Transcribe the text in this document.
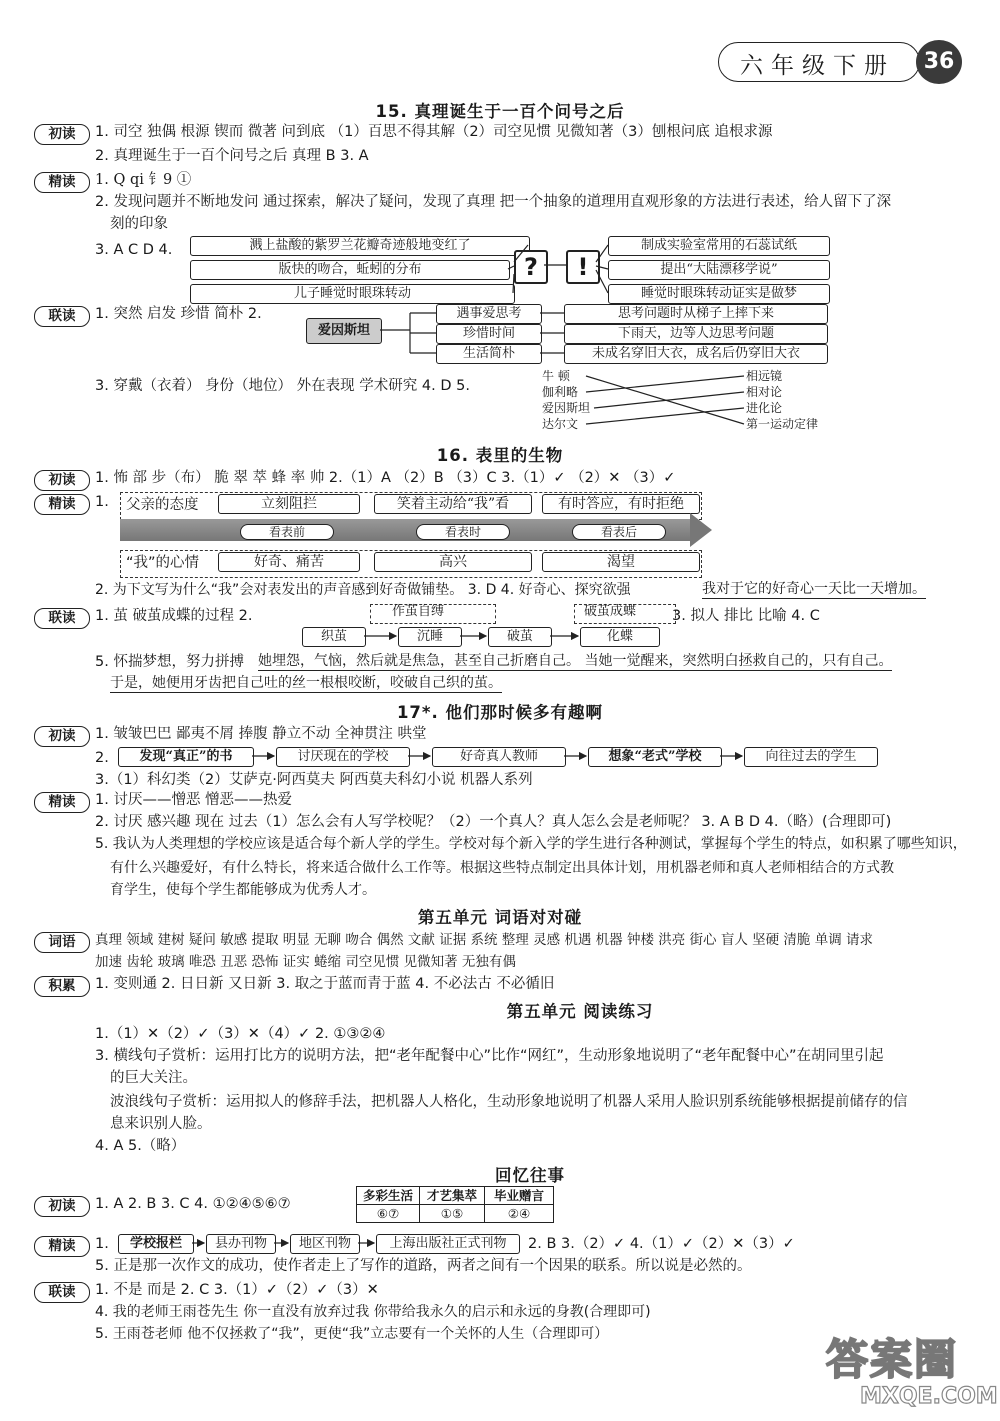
六年级下册	36
15. 真理诞生于一百个问号之后
初读	1. 司空 独偶 根源 锲而 微著 问到底 （1）百思不得其解（2）司空见惯 见微知著（3）刨根问底 追根求源
2. 真理诞生于一百个问号之后 真理 B 3. A
精读	1. Q qi 钅9 ①
2. 发现问题并不断地发问 通过探索，解决了疑问，发现了真理 把一个抽象的道理用直观形象的方法进行表述，给人留下了深
刻的印象
3. A C D 4.	溅上盐酸的紫罗兰花瓣奇迹般地变红了
版快的吻合，蚯蚓的分布
儿子睡觉时眼珠转动
?	!
制成实验室常用的石蕊试纸
提出“大陆漂移学说”
睡觉时眼珠转动证实是做梦
联读	1. 突然 启发 珍惜 简朴 2.
爱因斯坦
遇事爱思考
珍惜时间
生活简朴
思考问题时从梯子上摔下来
下雨天，边等人边思考问题
未成名穿旧大衣，成名后仍穿旧大衣
3. 穿戴（衣着） 身份（地位） 外在表现 学术研究 4. D 5.
牛 顿
伽利略
爱因斯坦
达尔文
相远镜
相对论
进化论
第一运动定律
16. 表里的生物
初读	1. 怖 部 步（布） 脆 翠 萃 蜂 率 帅 2.（1）A （2）B （3）C 3.（1）✓ （2）✕ （3）✓
精读	1. 父亲的态度	立刻阻拦	笑着主动给“我”看	有时答应，有时拒绝
看表前	看表时	看表后
“我”的心情	好奇、痛苦	高兴	渴望
2. 为下文写为什么“我”会对表发出的声音感到好奇做铺垫。 3. D 4. 好奇心、探究欲强	我对于它的好奇心一天比一天增加。
联读	1. 茧 破茧成蝶的过程 2.	作茧自缚	破茧成蝶
织茧	沉睡	破茧	化蝶
3. 拟人 排比 比喻 4. C
5. 怀揣梦想，努力拼搏 她埋怨，气恼，然后就是焦急，甚至自己折磨自己。 当她一觉醒来，突然明白拯救自己的，只有自己。
于是，她便用牙齿把自己吐的丝一根根咬断，咬破自己织的茧。
17*. 他们那时候多有趣啊
初读	1. 皱皱巴巴 鄙夷不屑 捧腹 静立不动 全神贯注 哄堂
2.	发现“真正”的书	讨厌现在的学校	好奇真人教师	想象“老式”学校	向往过去的学生
3.（1）科幻类（2）艾萨克·阿西莫夫 阿西莫夫科幻小说 机器人系列
精读	1. 讨厌——憎恶 憎恶——热爱
2. 讨厌 感兴趣 现在 过去（1）怎么会有人写学校呢？（2）一个真人？真人怎么会是老师呢？ 3. A B D 4.（略）(合理即可)
5. 我认为人类理想的学校应该是适合每个新人学的学生。学校对每个新入学的学生进行各种测试，掌握每个学生的特点，如积累了哪些知识，
有什么兴趣爱好，有什么特长，将来适合做什么工作等。根据这些特点制定出具体计划，用机器老师和真人老师相结合的方式教
育学生，使每个学生都能够成为优秀人才。
第五单元 词语对对碰
词语	真理 领域 建树 疑问 敏感 提取 明显 无聊 吻合 偶然 文献 证据 系统 整理 灵感 机遇 机器 钟楼 洪亮 街心 盲人 坚硬 清脆 单调 请求
加速 齿轮 玻璃 唯恐 丑恶 恐怖 证实 蜷缩 司空见惯 见微知著 无独有偶
积累	1. 变则通 2. 日日新 又日新 3. 取之于蓝而青于蓝 4. 不必法古 不必循旧
第五单元 阅读练习
1.（1）✕（2）✓（3）✕（4）✓ 2. ①③②④
3. 横线句子赏析：运用打比方的说明方法，把“老年配餐中心”比作“网红”，生动形象地说明了“老年配餐中心”在胡同里引起
的巨大关注。
波浪线句子赏析：运用拟人的修辞手法，把机器人人格化，生动形象地说明了机器人采用人脸识别系统能够根据提前储存的信
息来识别人脸。
4. A 5.（略）
回忆往事
初读	1. A 2. B 3. C 4. ①②④⑤⑥⑦
多彩生活	才艺集萃	毕业赠言
⑥⑦	①⑤	②④
精读	1.	学校报栏	县办刊物	地区刊物	上海出版社正式刊物	2. B 3.（2）✓ 4.（1）✓（2）✕（3）✓
5. 正是那一次作文的成功，使作者走上了写作的道路，两者之间有一个因果的联系。所以说是必然的。
联读	1. 不是 而是 2. C 3.（1）✓（2）✓（3）✕
4. 我的老师王雨苍先生 你一直没有放弃过我 你带给我永久的启示和永远的身教(合理即可)
5. 王雨苍老师 他不仅拯救了“我”，更使“我”立志要有一个关怀的人生（合理即可）
答案圈
MXQE.COM
